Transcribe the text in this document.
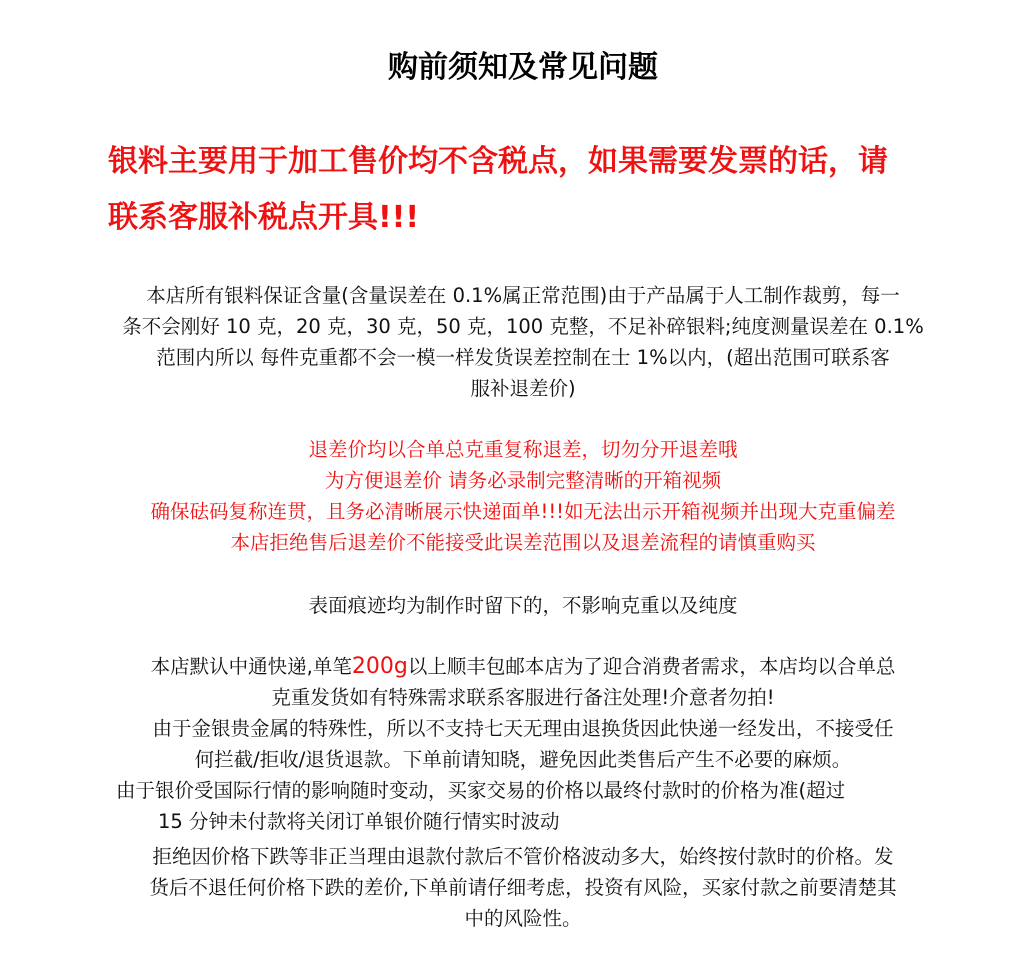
购前须知及常见问题
银料主要用于加工售价均不含税点，如果需要发票的话，请
联系客服补税点开具!!!
本店所有银料保证含量(含量误差在 0.1%属正常范围)由于产品属于人工制作裁剪，每一
条不会刚好 10 克，20 克，30 克，50 克，100 克整，不足补碎银料;纯度测量误差在 0.1%
范围内所以 每件克重都不会一模一样发货误差控制在士 1%以内，(超出范围可联系客
服补退差价)
退差价均以合单总克重复称退差，切勿分开退差哦
为方便退差价 请务必录制完整清晰的开箱视频
确保砝码复称连贯，且务必清晰展示快递面单!!!如无法出示开箱视频并出现大克重偏差
本店拒绝售后退差价不能接受此误差范围以及退差流程的请慎重购买
表面痕迹均为制作时留下的，不影响克重以及纯度
本店默认中通快递,单笔200g以上顺丰包邮本店为了迎合消费者需求，本店均以合单总
克重发货如有特殊需求联系客服进行备注处理!介意者勿拍!
由于金银贵金属的特殊性，所以不支持七天无理由退换货因此快递一经发出，不接受任
何拦截/拒收/退货退款。下单前请知晓，避免因此类售后产生不必要的麻烦。
由于银价受国际行情的影响随时变动，买家交易的价格以最终付款时的价格为准(超过
15 分钟未付款将关闭订单银价随行情实时波动
拒绝因价格下跌等非正当理由退款付款后不管价格波动多大，始终按付款时的价格。发
货后不退任何价格下跌的差价,下单前请仔细考虑，投资有风险，买家付款之前要清楚其
中的风险性。
